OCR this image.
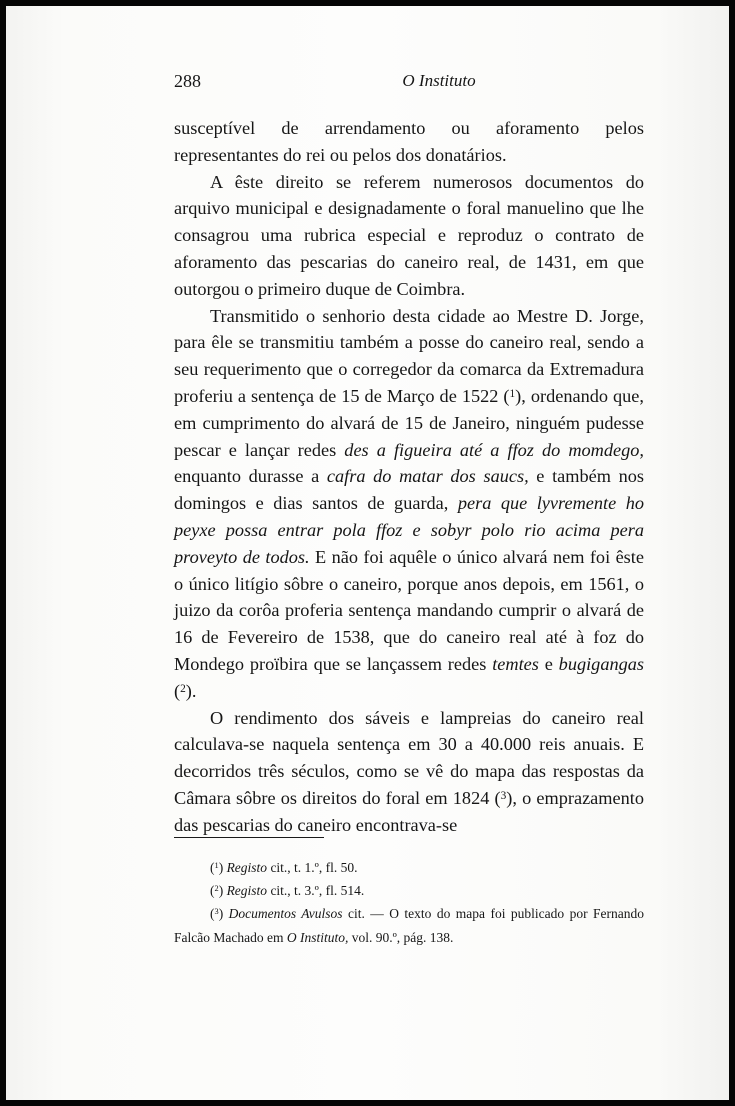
288	O Instituto

susceptível de arrendamento ou aforamento pelos representantes do rei ou pelos dos donatários.

A êste direito se referem numerosos documentos do arquivo municipal e designadamente o foral manuelino que lhe consagrou uma rubrica especial e reproduz o contrato de aforamento das pescarias do caneiro real, de 1431, em que outorgou o primeiro duque de Coimbra.

Transmitido o senhorio desta cidade ao Mestre D. Jorge, para êle se transmitiu também a posse do caneiro real, sendo a seu requerimento que o corregedor da comarca da Extremadura proferiu a sentença de 15 de Março de 1522 ($^1$), ordenando que, em cumprimento do alvará de 15 de Janeiro, ninguém pudesse pescar e lançar redes des a figueira até a ffoz do momdego, enquanto durasse a cafra do matar dos saucs, e também nos domingos e dias santos de guarda, pera que lyvremente ho peyxe possa entrar pola ffoz e sobyr polo rio acima pera proveyto de todos. E não foi aquêle o único alvará nem foi êste o único litígio sôbre o caneiro, porque anos depois, em 1561, o juizo da corôa proferia sentença mandando cumprir o alvará de 16 de Fevereiro de 1538, que do caneiro real até à foz do Mondego proïbira que se lançassem redes temtes e bugigangas ($^2$).

O rendimento dos sáveis e lampreias do caneiro real calculava-se naquela sentença em 30 a 40.000 reis anuais. E decorridos três séculos, como se vê do mapa das respostas da Câmara sôbre os direitos do foral em 1824 ($^3$), o emprazamento das pescarias do caneiro encontrava-se

($^1$) Registo cit., t. 1.º, fl. 50.

($^2$) Registo cit., t. 3.º, fl. 514.

($^3$) Documentos Avulsos cit. — O texto do mapa foi publicado por Fernando Falcão Machado em O Instituto, vol. 90.º, pág. 138.
